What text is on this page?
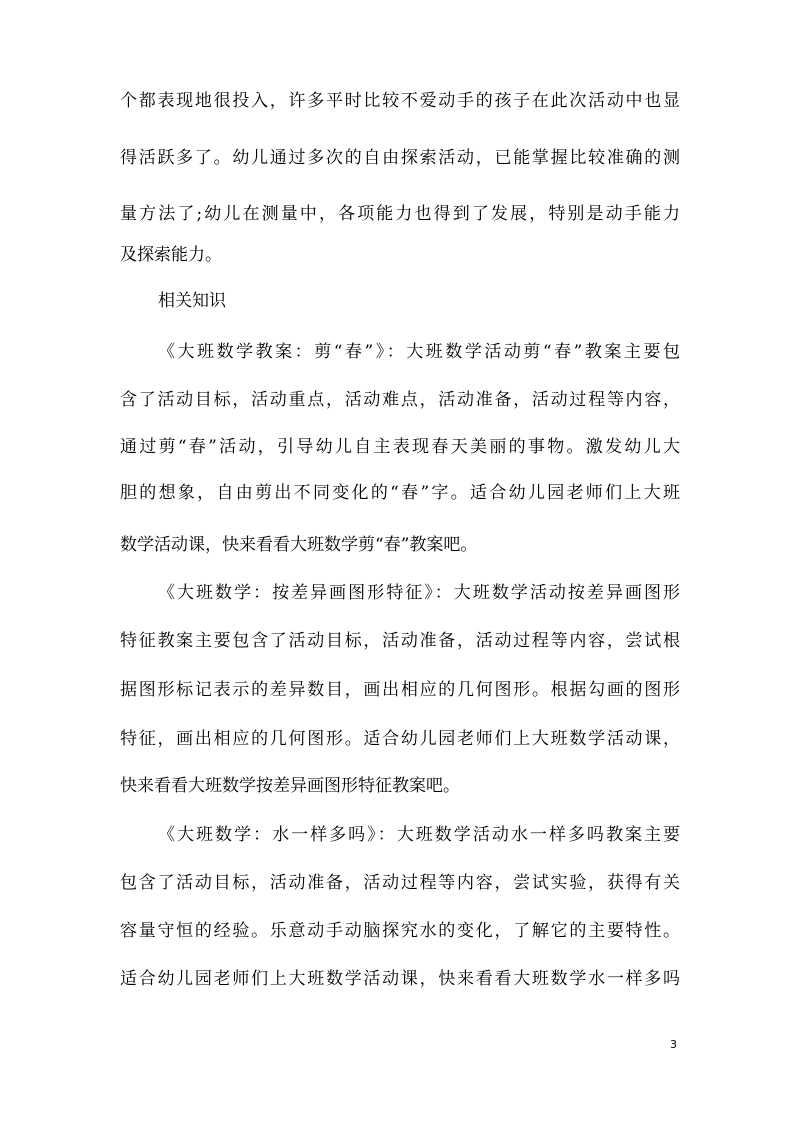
个都表现地很投入，许多平时比较不爱动手的孩子在此次活动中也显
得活跃多了。幼儿通过多次的自由探索活动，已能掌握比较准确的测
量方法了;幼儿在测量中，各项能力也得到了发展，特别是动手能力
及探索能力。
相关知识
《大班数学教案：剪“春”》：大班数学活动剪“春”教案主要包
含了活动目标，活动重点，活动难点，活动准备，活动过程等内容，
通过剪“春”活动，引导幼儿自主表现春天美丽的事物。激发幼儿大
胆的想象，自由剪出不同变化的“春”字。适合幼儿园老师们上大班
数学活动课，快来看看大班数学剪“春”教案吧。
《大班数学：按差异画图形特征》：大班数学活动按差异画图形
特征教案主要包含了活动目标，活动准备，活动过程等内容，尝试根
据图形标记表示的差异数目，画出相应的几何图形。根据勾画的图形
特征，画出相应的几何图形。适合幼儿园老师们上大班数学活动课，
快来看看大班数学按差异画图形特征教案吧。
《大班数学：水一样多吗》：大班数学活动水一样多吗教案主要
包含了活动目标，活动准备，活动过程等内容，尝试实验，获得有关
容量守恒的经验。乐意动手动脑探究水的变化，了解它的主要特性。
适合幼儿园老师们上大班数学活动课，快来看看大班数学水一样多吗
3
